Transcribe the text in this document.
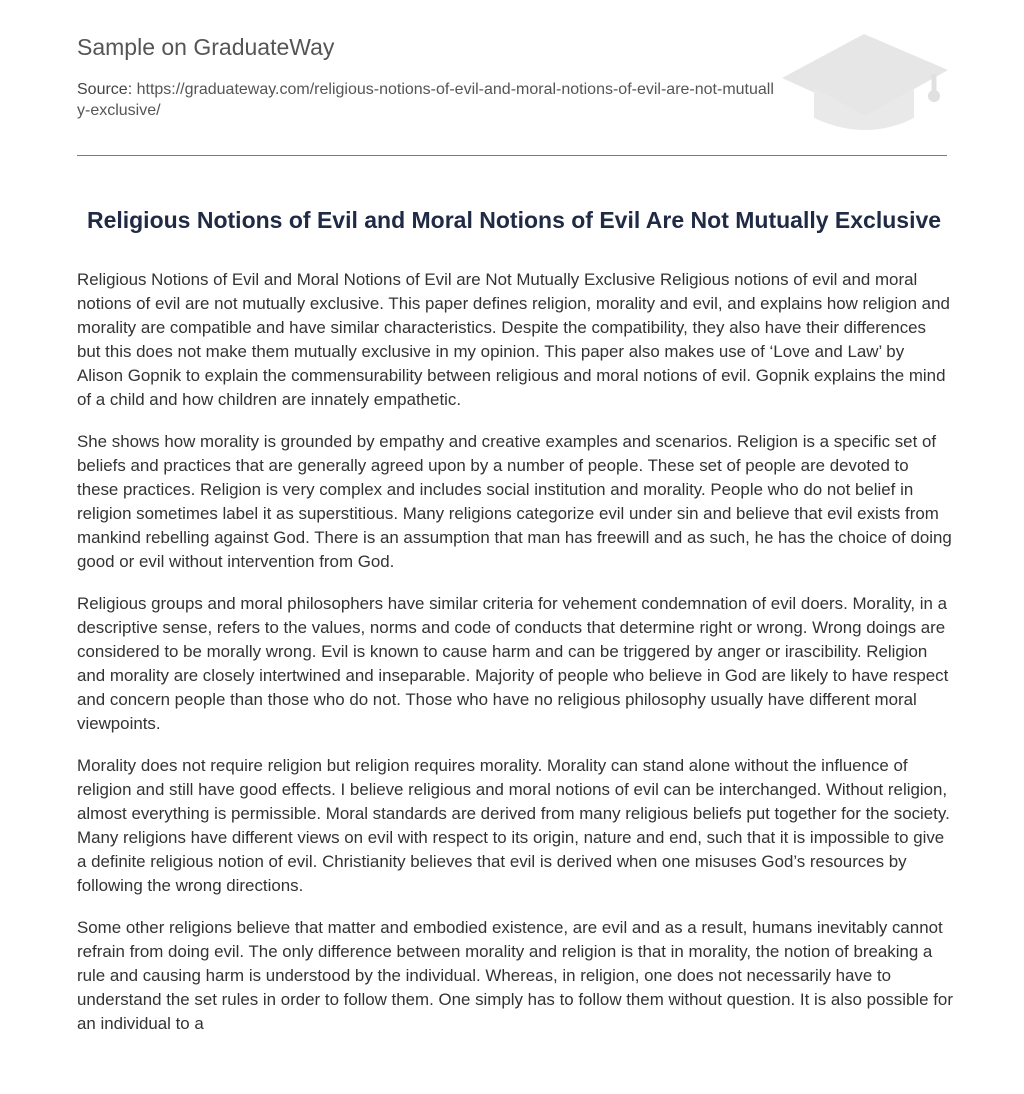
Sample on GraduateWay
Source: https://graduateway.com/religious-notions-of-evil-and-moral-notions-of-evil-are-not-mutually-exclusive/
Religious Notions of Evil and Moral Notions of Evil Are Not Mutually Exclusive

Religious Notions of Evil and Moral Notions of Evil are Not Mutually Exclusive Religious notions of evil and moral notions of evil are not mutually exclusive. This paper defines religion, morality and evil, and explains how religion and morality are compatible and have similar characteristics. Despite the compatibility, they also have their differences but this does not make them mutually exclusive in my opinion. This paper also makes use of ‘Love and Law’ by Alison Gopnik to explain the commensurability between religious and moral notions of evil. Gopnik explains the mind of a child and how children are innately empathetic.

She shows how morality is grounded by empathy and creative examples and scenarios. Religion is a specific set of beliefs and practices that are generally agreed upon by a number of people. These set of people are devoted to these practices. Religion is very complex and includes social institution and morality. People who do not belief in religion sometimes label it as superstitious. Many religions categorize evil under sin and believe that evil exists from mankind rebelling against God. There is an assumption that man has freewill and as such, he has the choice of doing good or evil without intervention from God.

Religious groups and moral philosophers have similar criteria for vehement condemnation of evil doers. Morality, in a descriptive sense, refers to the values, norms and code of conducts that determine right or wrong. Wrong doings are considered to be morally wrong. Evil is known to cause harm and can be triggered by anger or irascibility. Religion and morality are closely intertwined and inseparable. Majority of people who believe in God are likely to have respect and concern people than those who do not. Those who have no religious philosophy usually have different moral viewpoints.

Morality does not require religion but religion requires morality. Morality can stand alone without the influence of religion and still have good effects. I believe religious and moral notions of evil can be interchanged. Without religion, almost everything is permissible. Moral standards are derived from many religious beliefs put together for the society. Many religions have different views on evil with respect to its origin, nature and end, such that it is impossible to give a definite religious notion of evil. Christianity believes that evil is derived when one misuses God’s resources by following the wrong directions.

Some other religions believe that matter and embodied existence, are evil and as a result, humans inevitably cannot refrain from doing evil. The only difference between morality and religion is that in morality, the notion of breaking a rule and causing harm is understood by the individual. Whereas, in religion, one does not necessarily have to understand the set rules in order to follow them. One simply has to follow them without question. It is also possible for an individual to a
